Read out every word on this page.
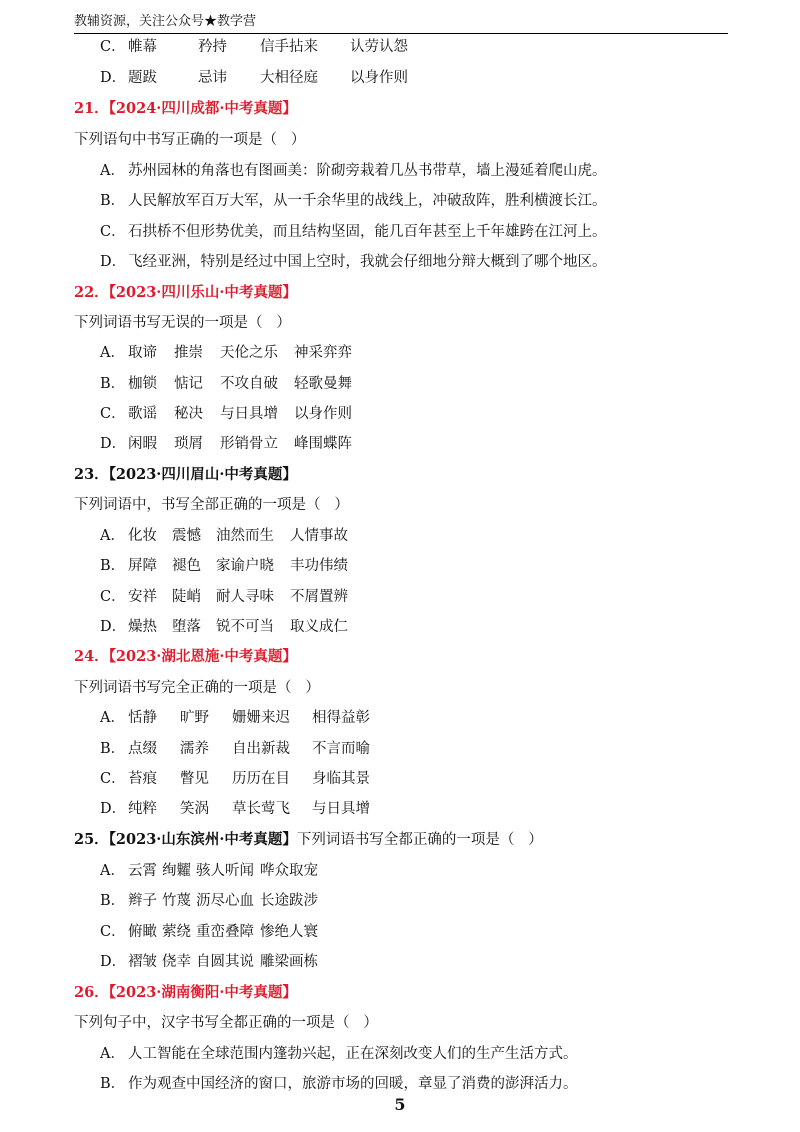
教辅资源，关注公众号★教学营
C． 帷幕	矜持 信手拈来 认劳认怨
D． 题跋	忌讳 大相径庭 以身作则
21．【2024·四川成都·中考真题】
下列语句中书写正确的一项是（   ）
A． 苏州园林的角落也有图画美：阶砌旁栽着几丛书带草，墙上漫延着爬山虎。
B． 人民解放军百万大军，从一千余华里的战线上，冲破敌阵，胜利横渡长江。
C． 石拱桥不但形势优美，而且结构坚固，能几百年甚至上千年雄跨在江河上。
D． 飞经亚洲，特别是经过中国上空时，我就会仔细地分辩大概到了哪个地区。
22．【2023·四川乐山·中考真题】
下列词语书写无误的一项是（   ）
A． 取谛 推崇 天伦之乐 神采弈弈
B． 枷锁 惦记 不攻自破 轻歌曼舞
C． 歌谣 秘决 与日具增 以身作则
D． 闲暇 琐屑 形销骨立 峰围蝶阵
23．【2023·四川眉山·中考真题】
下列词语中，书写全部正确的一项是（   ）
A． 化妆 震憾 油然而生 人情事故
B． 屏障 褪色 家谕户晓 丰功伟绩
C． 安祥 陡峭 耐人寻味 不屑置辨
D． 燥热 堕落 锐不可当 取义成仁
24．【2023·湖北恩施·中考真题】
下列词语书写完全正确的一项是（   ）
A． 恬静 旷野 姗姗来迟 相得益彰
B． 点缀 濡养 自出新裁 不言而喻
C． 苔痕 瞥见 历历在目 身临其景
D． 纯粹 笑涡 草长莺飞 与日具增
25．【2023·山东滨州·中考真题】下列词语书写全都正确的一项是（   ）
A． 云霄 绚糶 骇人听闻 哗众取宠
B． 辫子 竹蔑 沥尽心血 长途跋涉
C． 俯瞰 萦绕 重峦叠障 惨绝人寰
D． 褶皱 侥幸 自圆其说 雕梁画栋
26．【2023·湖南衡阳·中考真题】
下列句子中，汉字书写全都正确的一项是（   ）
A． 人工智能在全球范围内篷勃兴起，正在深刻改变人们的生产生活方式。
B． 作为观查中国经济的窗口，旅游市场的回暖，章显了消费的澎湃活力。
5
